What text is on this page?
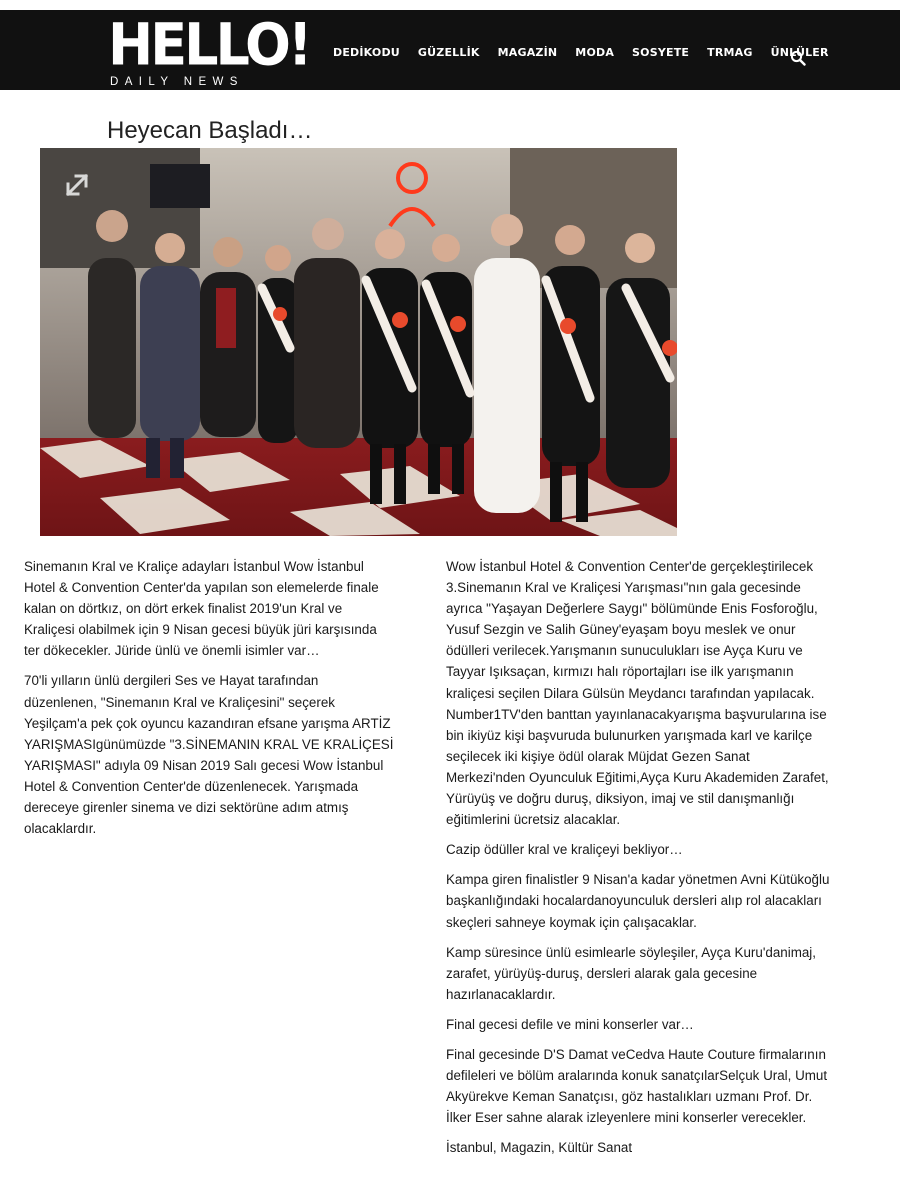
HELLO!
DAILY NEWS
DEDİKODU GÜZELLİK MAGAZİN MODA SOSYETE TRMAG ÜNLÜLER
Heyecan Başladı…

Sinemanın Kral ve Kraliçe adayları İstanbul Wow İstanbul Hotel & Convention Center'da yapılan son elemelerde finale kalan on dörtkız, on dört erkek finalist 2019'un Kral ve Kraliçesi olabilmek için 9 Nisan gecesi büyük jüri karşısında ter dökecekler. Jüride ünlü ve önemli isimler var…

70'li yılların ünlü dergileri Ses ve Hayat tarafından düzenlenen, "Sinemanın Kral ve Kraliçesini" seçerek Yeşilçam'a pek çok oyuncu kazandıran efsane yarışma ARTİZ YARIŞMASIgünümüzde "3.SİNEMANIN KRAL VE KRALİÇESİ YARIŞMASI" adıyla 09 Nisan 2019 Salı gecesi Wow İstanbul Hotel & Convention Center'de düzenlenecek. Yarışmada dereceye girenler sinema ve dizi sektörüne adım atmış olacaklardır.

Wow İstanbul Hotel & Convention Center'de gerçekleştirilecek 3.Sinemanın Kral ve Kraliçesi Yarışması"nın gala gecesinde ayrıca "Yaşayan Değerlere Saygı" bölümünde Enis Fosforoğlu, Yusuf Sezgin ve Salih Güney'eyaşam boyu meslek ve onur ödülleri verilecek.Yarışmanın sunuculukları ise Ayça Kuru ve Tayyar Işıksaçan, kırmızı halı röportajları ise ilk yarışmanın kraliçesi seçilen Dilara Gülsün Meydancı tarafından yapılacak. Number1TV'den banttan yayınlanacakyarışma başvurularına ise bin ikiyüz kişi başvuruda bulunurken yarışmada karl ve karilçe seçilecek iki kişiye ödül olarak Müjdat Gezen Sanat Merkezi'nden Oyunculuk Eğitimi,Ayça Kuru Akademiden Zarafet, Yürüyüş ve doğru duruş, diksiyon, imaj ve stil danışmanlığı eğitimlerini ücretsiz alacaklar.

Cazip ödüller kral ve kraliçeyi bekliyor…

Kampa giren finalistler 9 Nisan'a kadar yönetmen Avni Kütükoğlu başkanlığındaki hocalardanoyunculuk dersleri alıp rol alacakları skeçleri sahneye koymak için çalışacaklar.

Kamp süresince ünlü esimlearle söyleşiler, Ayça Kuru'danimaj, zarafet, yürüyüş-duruş, dersleri alarak gala gecesine hazırlanacaklardır.

Final gecesi defile ve mini konserler var…

Final gecesinde D'S Damat veCedva Haute Couture firmalarının defileleri ve bölüm aralarında konuk sanatçılarSelçuk Ural, Umut Akyürekve Keman Sanatçısı, göz hastalıkları uzmanı Prof. Dr. İlker Eser sahne alarak izleyenlere mini konserler verecekler.

İstanbul, Magazin, Kültür Sanat
